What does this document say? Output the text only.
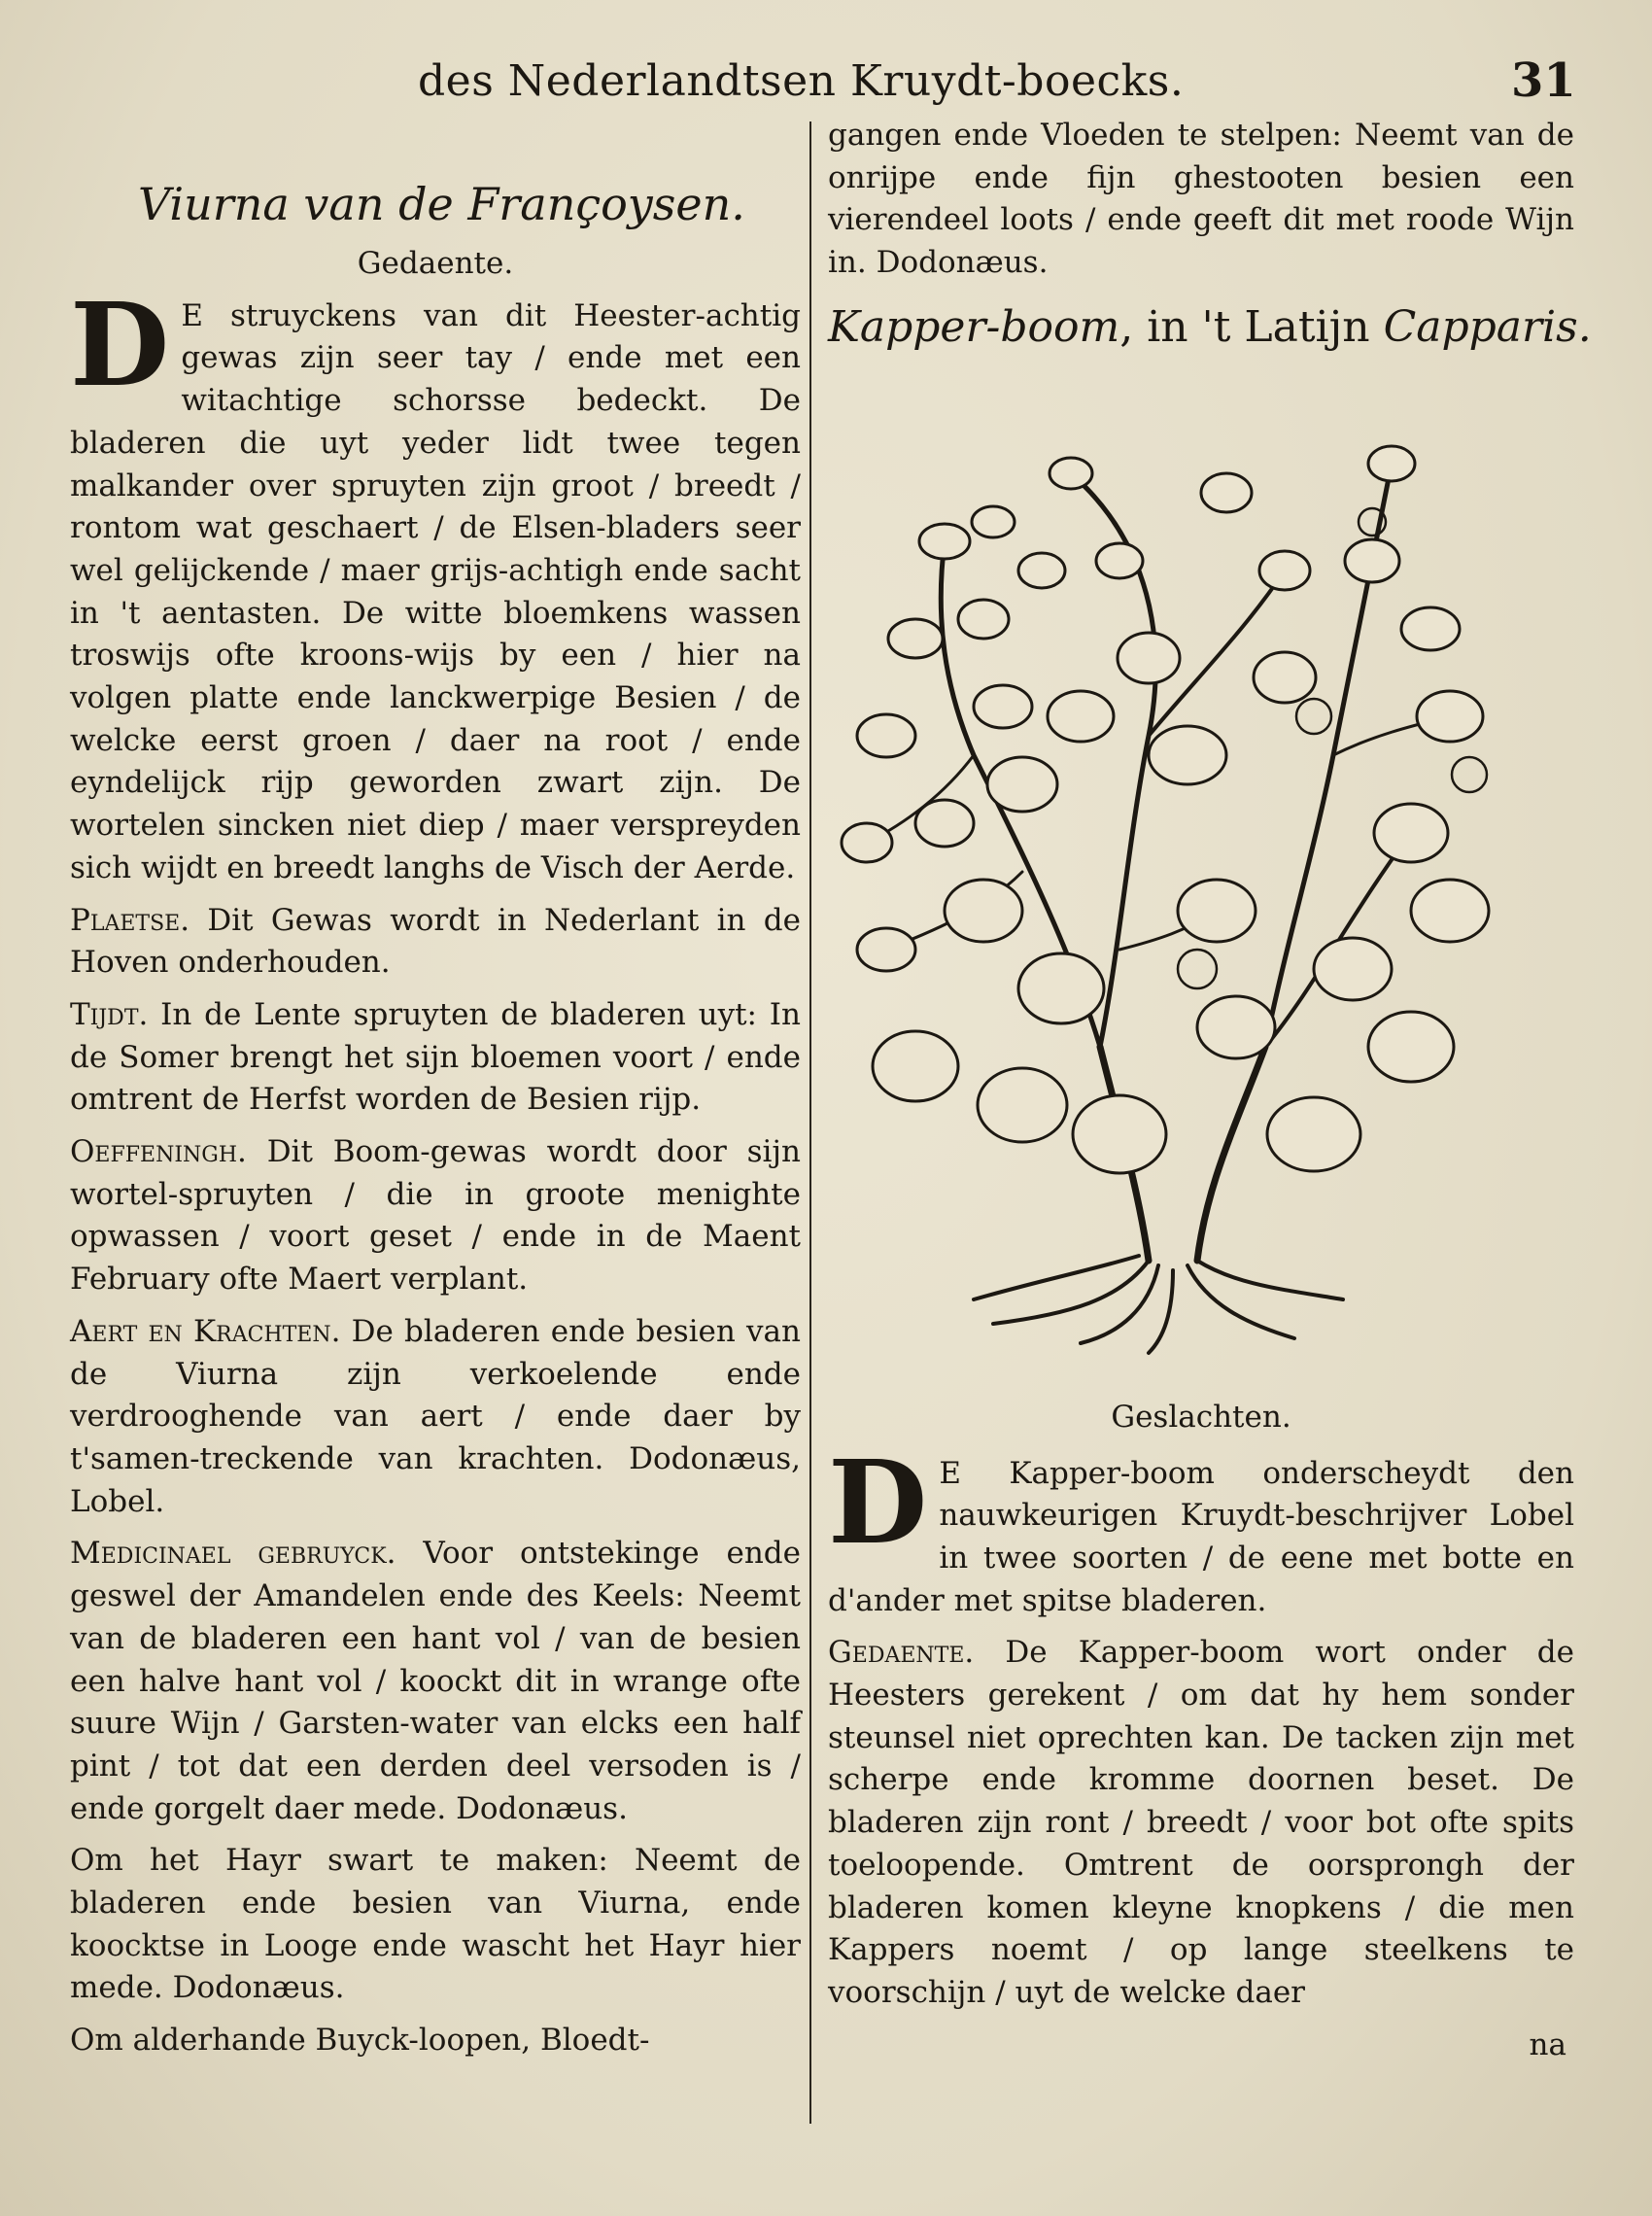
des Nederlandtsen Kruydt-boecks.	31

Viurna van de Françoysen.

Gedaente.

D E struyckens van dit Heester-achtig gewas zijn seer tay / ende met een witachtige schorsse bedeckt. De bladeren die uyt yeder lidt twee tegen malkander over spruyten zijn groot / breedt / rontom wat geschaert / de Elsen-bladers seer wel gelijckende / maer grijs-achtigh ende sacht in 't aentasten. De witte bloemkens wassen troswijs ofte kroons-wijs by een / hier na volgen platte ende lanckwerpige Besien / de welcke eerst groen / daer na root / ende eyndelijck rijp geworden zwart zijn. De wortelen sincken niet diep / maer verspreyden sich wijdt en breedt langhs de Visch der Aerde.

Plaetse. Dit Gewas wordt in Nederlant in de Hoven onderhouden.

Tijdt. In de Lente spruyten de bladeren uyt: In de Somer brengt het sijn bloemen voort / ende omtrent de Herfst worden de Besien rijp.

Oeffeningh. Dit Boom-gewas wordt door sijn wortel-spruyten / die in groote menighte opwassen / voort geset / ende in de Maent February ofte Maert verplant.

Aert en Krachten. De bladeren ende besien van de Viurna zijn verkoelende ende verdrooghende van aert / ende daer by t'samen-treckende van krachten. Dodonæus, Lobel.

Medicinael gebruyck. Voor ontstekinge ende geswel der Amandelen ende des Keels: Neemt van de bladeren een hant vol / van de besien een halve hant vol / koockt dit in wrange ofte suure Wijn / Garsten-water van elcks een half pint / tot dat een derden deel versoden is / ende gorgelt daer mede. Dodonæus.

Om het Hayr swart te maken: Neemt de bladeren ende besien van Viurna, ende koocktse in Looge ende wascht het Hayr hier mede. Dodonæus.

Om alderhande Buyck-loopen, Bloedt-

gangen ende Vloeden te stelpen: Neemt van de onrijpe ende fijn ghestooten besien een vierendeel loots / ende geeft dit met roode Wijn in. Dodonæus.

Kapper-boom, in 't Latijn Capparis.

Geslachten.

D E Kapper-boom onderscheydt den nauwkeurigen Kruydt-beschrijver Lobel in twee soorten / de eene met botte en d'ander met spitse bladeren.

Gedaente. De Kapper-boom wort onder de Heesters gerekent / om dat hy hem sonder steunsel niet oprechten kan. De tacken zijn met scherpe ende kromme doornen beset. De bladeren zijn ront / breedt / voor bot ofte spits toeloopende. Omtrent de oorsprongh der bladeren komen kleyne knopkens / die men Kappers noemt / op lange steelkens te voorschijn / uyt de welcke daer

na
